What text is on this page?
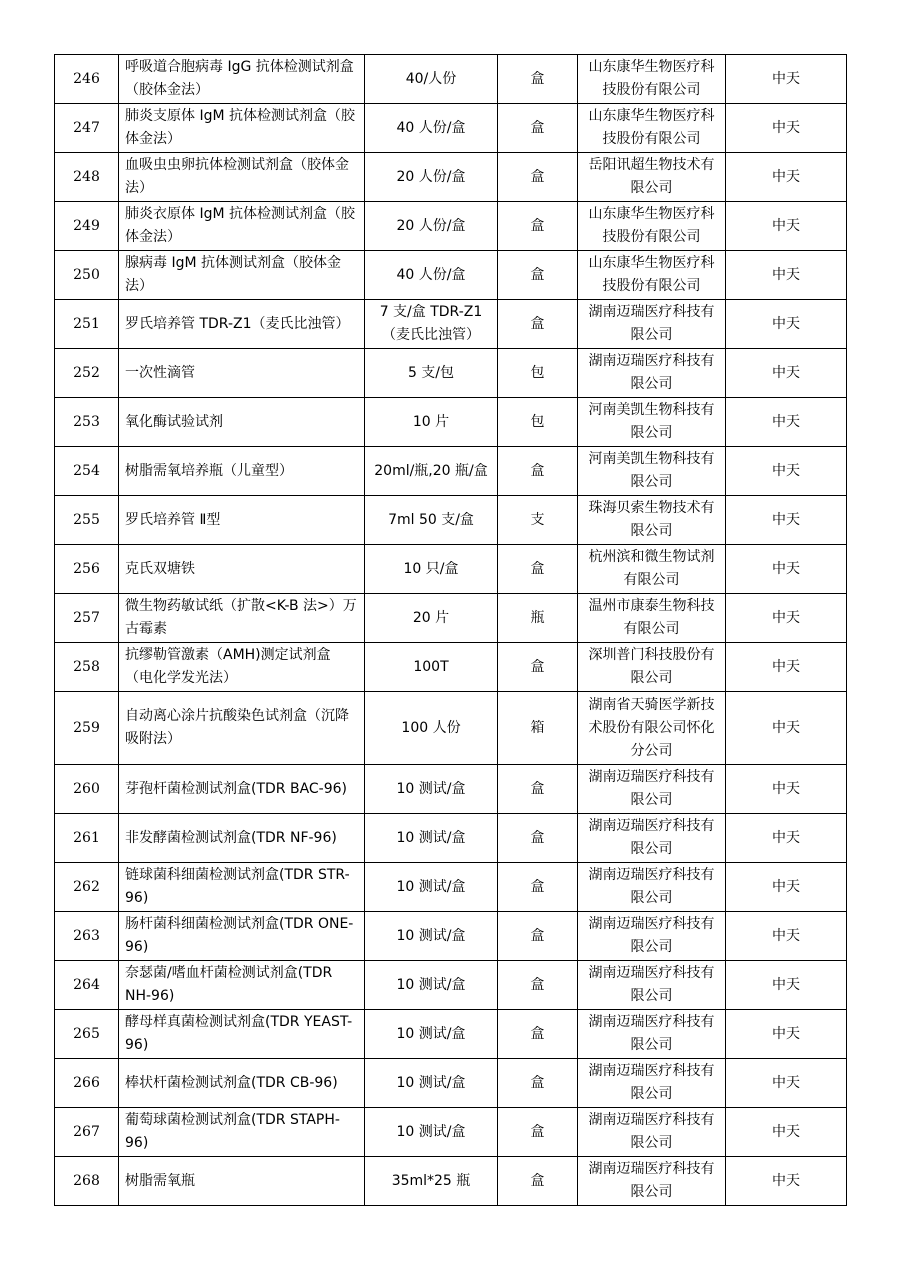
246	呼吸道合胞病毒 IgG 抗体检测试剂盒（胶体金法）	40/人份	盒	山东康华生物医疗科技股份有限公司	中天
247	肺炎支原体 IgM 抗体检测试剂盒（胶体金法）	40 人份/盒	盒	山东康华生物医疗科技股份有限公司	中天
248	血吸虫虫卵抗体检测试剂盒（胶体金法）	20 人份/盒	盒	岳阳讯超生物技术有限公司	中天
249	肺炎衣原体 IgM 抗体检测试剂盒（胶体金法）	20 人份/盒	盒	山东康华生物医疗科技股份有限公司	中天
250	腺病毒 IgM 抗体测试剂盒（胶体金法）	40 人份/盒	盒	山东康华生物医疗科技股份有限公司	中天
251	罗氏培养管 TDR-Z1（麦氏比浊管）	7 支/盒 TDR-Z1（麦氏比浊管）	盒	湖南迈瑞医疗科技有限公司	中天
252	一次性滴管	5 支/包	包	湖南迈瑞医疗科技有限公司	中天
253	氧化酶试验试剂	10 片	包	河南美凯生物科技有限公司	中天
254	树脂需氧培养瓶（儿童型）	20ml/瓶,20 瓶/盒	盒	河南美凯生物科技有限公司	中天
255	罗氏培养管 Ⅱ型	7ml 50 支/盒	支	珠海贝索生物技术有限公司	中天
256	克氏双塘铁	10 只/盒	盒	杭州滨和微生物试剂有限公司	中天
257	微生物药敏试纸（扩散<K-B 法>）万古霉素	20 片	瓶	温州市康泰生物科技有限公司	中天
258	抗缪勒管激素（AMH)测定试剂盒（电化学发光法）	100T	盒	深圳普门科技股份有限公司	中天
259	自动离心涂片抗酸染色试剂盒（沉降吸附法）	100 人份	箱	湖南省天骑医学新技术股份有限公司怀化分公司	中天
260	芽孢杆菌检测试剂盒(TDR BAC-96)	10 测试/盒	盒	湖南迈瑞医疗科技有限公司	中天
261	非发酵菌检测试剂盒(TDR NF-96)	10 测试/盒	盒	湖南迈瑞医疗科技有限公司	中天
262	链球菌科细菌检测试剂盒(TDR STR-96)	10 测试/盒	盒	湖南迈瑞医疗科技有限公司	中天
263	肠杆菌科细菌检测试剂盒(TDR ONE-96)	10 测试/盒	盒	湖南迈瑞医疗科技有限公司	中天
264	奈瑟菌/嗜血杆菌检测试剂盒(TDR NH-96)	10 测试/盒	盒	湖南迈瑞医疗科技有限公司	中天
265	酵母样真菌检测试剂盒(TDR YEAST-96)	10 测试/盒	盒	湖南迈瑞医疗科技有限公司	中天
266	棒状杆菌检测试剂盒(TDR CB-96)	10 测试/盒	盒	湖南迈瑞医疗科技有限公司	中天
267	葡萄球菌检测试剂盒(TDR STAPH-96)	10 测试/盒	盒	湖南迈瑞医疗科技有限公司	中天
268	树脂需氧瓶	35ml*25 瓶	盒	湖南迈瑞医疗科技有限公司	中天
